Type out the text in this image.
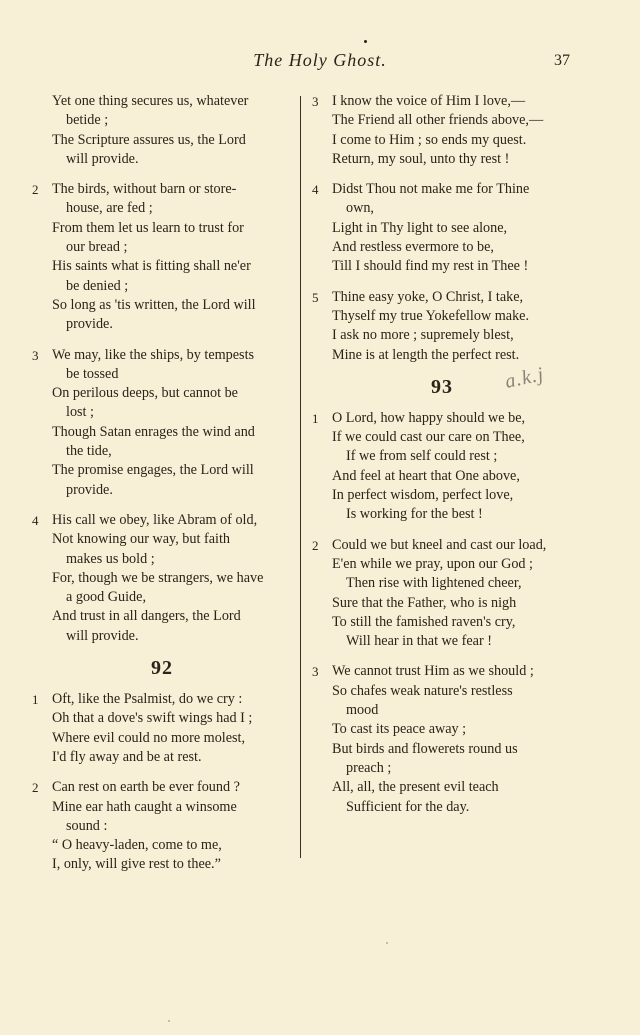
The Holy Ghost.	37
Yet one thing secures us, whatever
betide ;
The Scripture assures us, the Lord
will provide.
2 The birds, without barn or store-
house, are fed ;
From them let us learn to trust for
our bread ;
His saints what is fitting shall ne'er
be denied ;
So long as 'tis written, the Lord will
provide.
3 We may, like the ships, by tempests
be tossed
On perilous deeps, but cannot be
lost ;
Though Satan enrages the wind and
the tide,
The promise engages, the Lord will
provide.
4 His call we obey, like Abram of old,
Not knowing our way, but faith
makes us bold ;
For, though we be strangers, we have
a good Guide,
And trust in all dangers, the Lord
will provide.
92
1 Oft, like the Psalmist, do we cry :
Oh that a dove's swift wings had I ;
Where evil could no more molest,
I'd fly away and be at rest.
2 Can rest on earth be ever found ?
Mine ear hath caught a winsome
sound :
“ O heavy-laden, come to me,
I, only, will give rest to thee.”
3 I know the voice of Him I love,—
The Friend all other friends above,—
I come to Him ; so ends my quest.
Return, my soul, unto thy rest !
4 Didst Thou not make me for Thine
own,
Light in Thy light to see alone,
And restless evermore to be,
Till I should find my rest in Thee !
5 Thine easy yoke, O Christ, I take,
Thyself my true Yokefellow make.
I ask no more ; supremely blest,
Mine is at length the perfect rest.
93
1 O Lord, how happy should we be,
If we could cast our care on Thee,
If we from self could rest ;
And feel at heart that One above,
In perfect wisdom, perfect love,
Is working for the best !
2 Could we but kneel and cast our load,
E'en while we pray, upon our God ;
Then rise with lightened cheer,
Sure that the Father, who is nigh
To still the famished raven's cry,
Will hear in that we fear !
3 We cannot trust Him as we should ;
So chafes weak nature's restless
mood
To cast its peace away ;
But birds and flowerets round us
preach ;
All, all, the present evil teach
Sufficient for the day.
a.k.j
